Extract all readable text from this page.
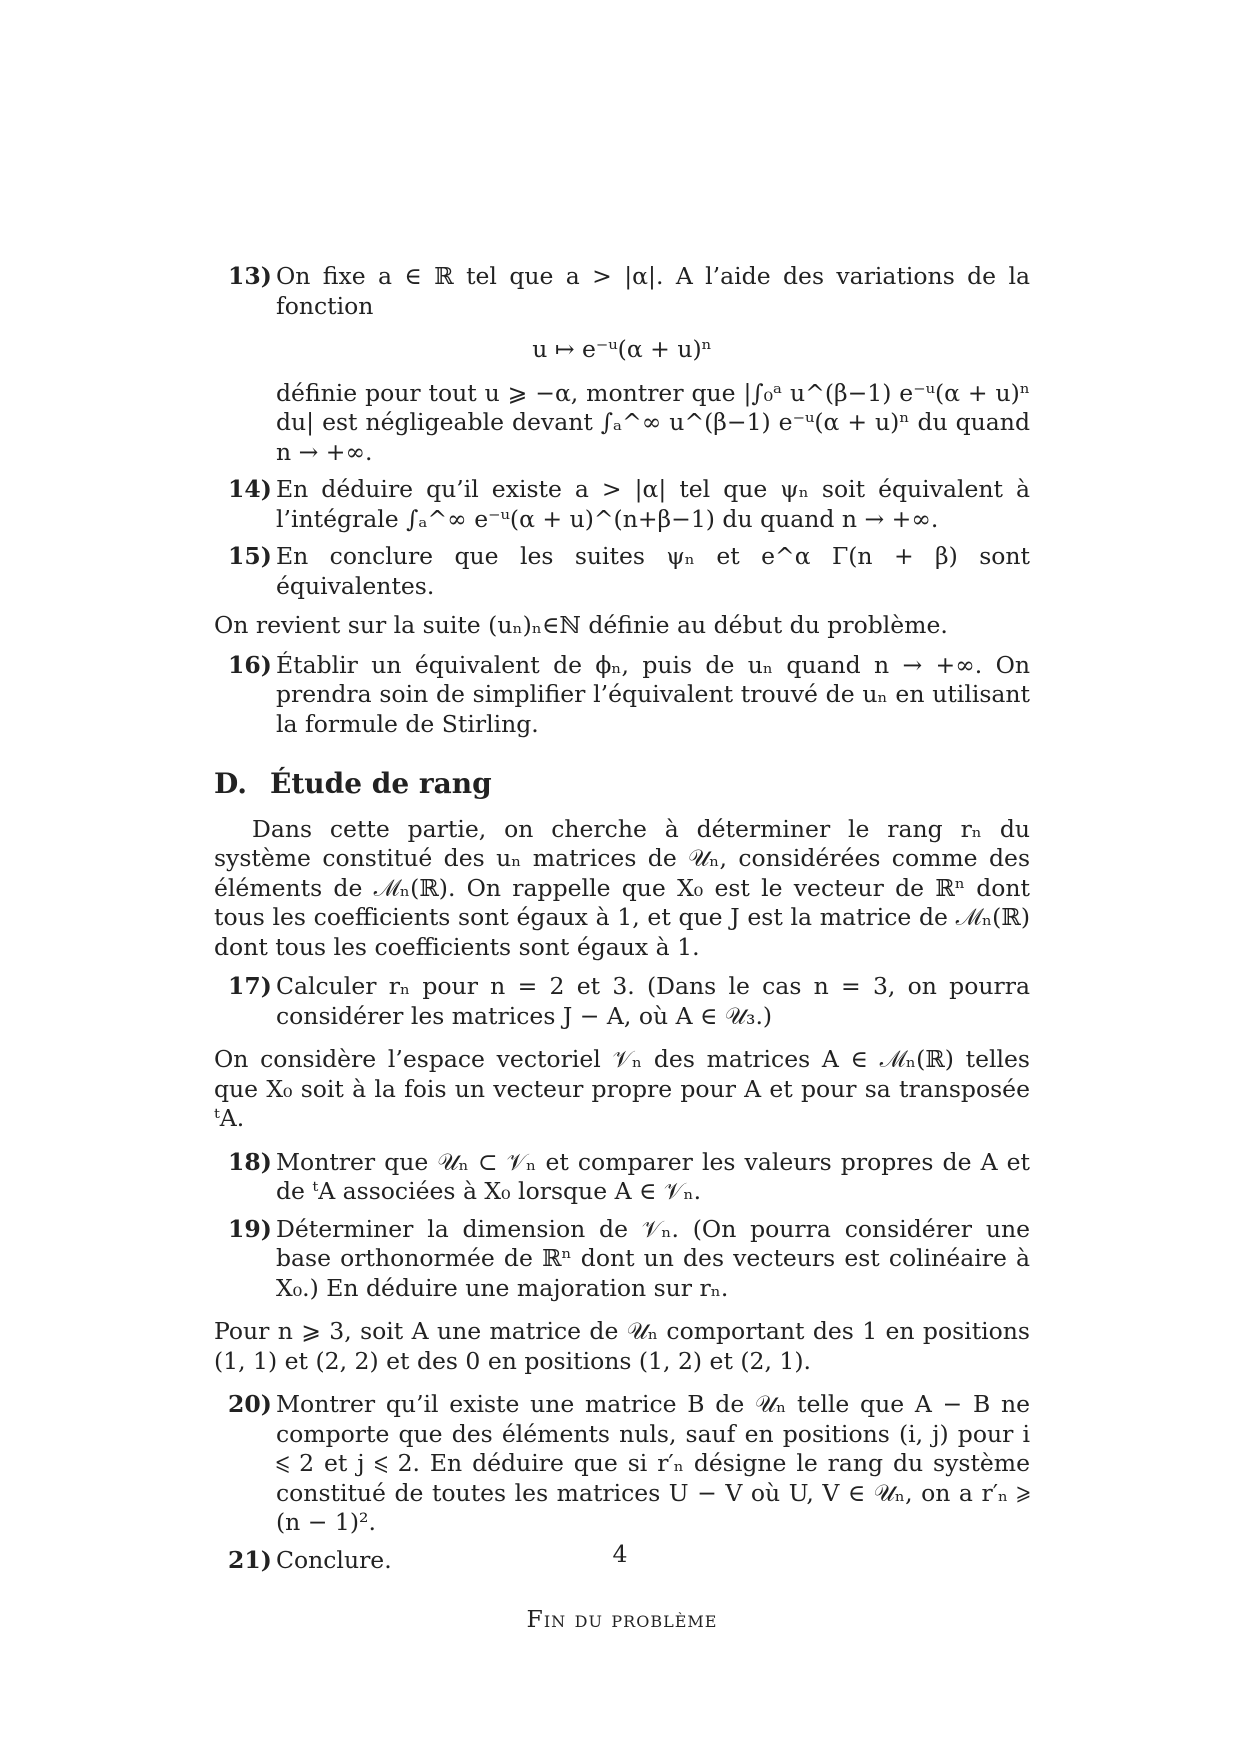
13) On fixe a ∈ ℝ tel que a > |α|. A l’aide des variations de la fonction
u ↦ e⁻ᵘ(α + u)ⁿ
définie pour tout u ⩾ −α, montrer que |∫₀ᵃ u^(β−1) e⁻ᵘ(α + u)ⁿ du| est négligeable devant ∫ₐ^∞ u^(β−1) e⁻ᵘ(α + u)ⁿ du quand n → +∞.
14) En déduire qu’il existe a > |α| tel que ψₙ soit équivalent à l’intégrale ∫ₐ^∞ e⁻ᵘ(α + u)^(n+β−1) du quand n → +∞.
15) En conclure que les suites ψₙ et e^α Γ(n + β) sont équivalentes.
On revient sur la suite (uₙ)ₙ∈ℕ définie au début du problème.
16) Établir un équivalent de ϕₙ, puis de uₙ quand n → +∞. On prendra soin de simplifier l’équivalent trouvé de uₙ en utilisant la formule de Stirling.
D. Étude de rang
Dans cette partie, on cherche à déterminer le rang rₙ du système constitué des uₙ matrices de 𝒰ₙ, considérées comme des éléments de ℳₙ(ℝ). On rappelle que X₀ est le vecteur de ℝⁿ dont tous les coefficients sont égaux à 1, et que J est la matrice de ℳₙ(ℝ) dont tous les coefficients sont égaux à 1.
17) Calculer rₙ pour n = 2 et 3. (Dans le cas n = 3, on pourra considérer les matrices J − A, où A ∈ 𝒰₃.)
On considère l’espace vectoriel 𝒱ₙ des matrices A ∈ ℳₙ(ℝ) telles que X₀ soit à la fois un vecteur propre pour A et pour sa transposée ᵗA.
18) Montrer que 𝒰ₙ ⊂ 𝒱ₙ et comparer les valeurs propres de A et de ᵗA associées à X₀ lorsque A ∈ 𝒱ₙ.
19) Déterminer la dimension de 𝒱ₙ. (On pourra considérer une base orthonormée de ℝⁿ dont un des vecteurs est colinéaire à X₀.) En déduire une majoration sur rₙ.
Pour n ⩾ 3, soit A une matrice de 𝒰ₙ comportant des 1 en positions (1, 1) et (2, 2) et des 0 en positions (1, 2) et (2, 1).
20) Montrer qu’il existe une matrice B de 𝒰ₙ telle que A − B ne comporte que des éléments nuls, sauf en positions (i, j) pour i ⩽ 2 et j ⩽ 2. En déduire que si r′ₙ désigne le rang du système constitué de toutes les matrices U − V où U, V ∈ 𝒰ₙ, on a r′ₙ ⩾ (n − 1)².
21) Conclure.
Fin du problème
4
